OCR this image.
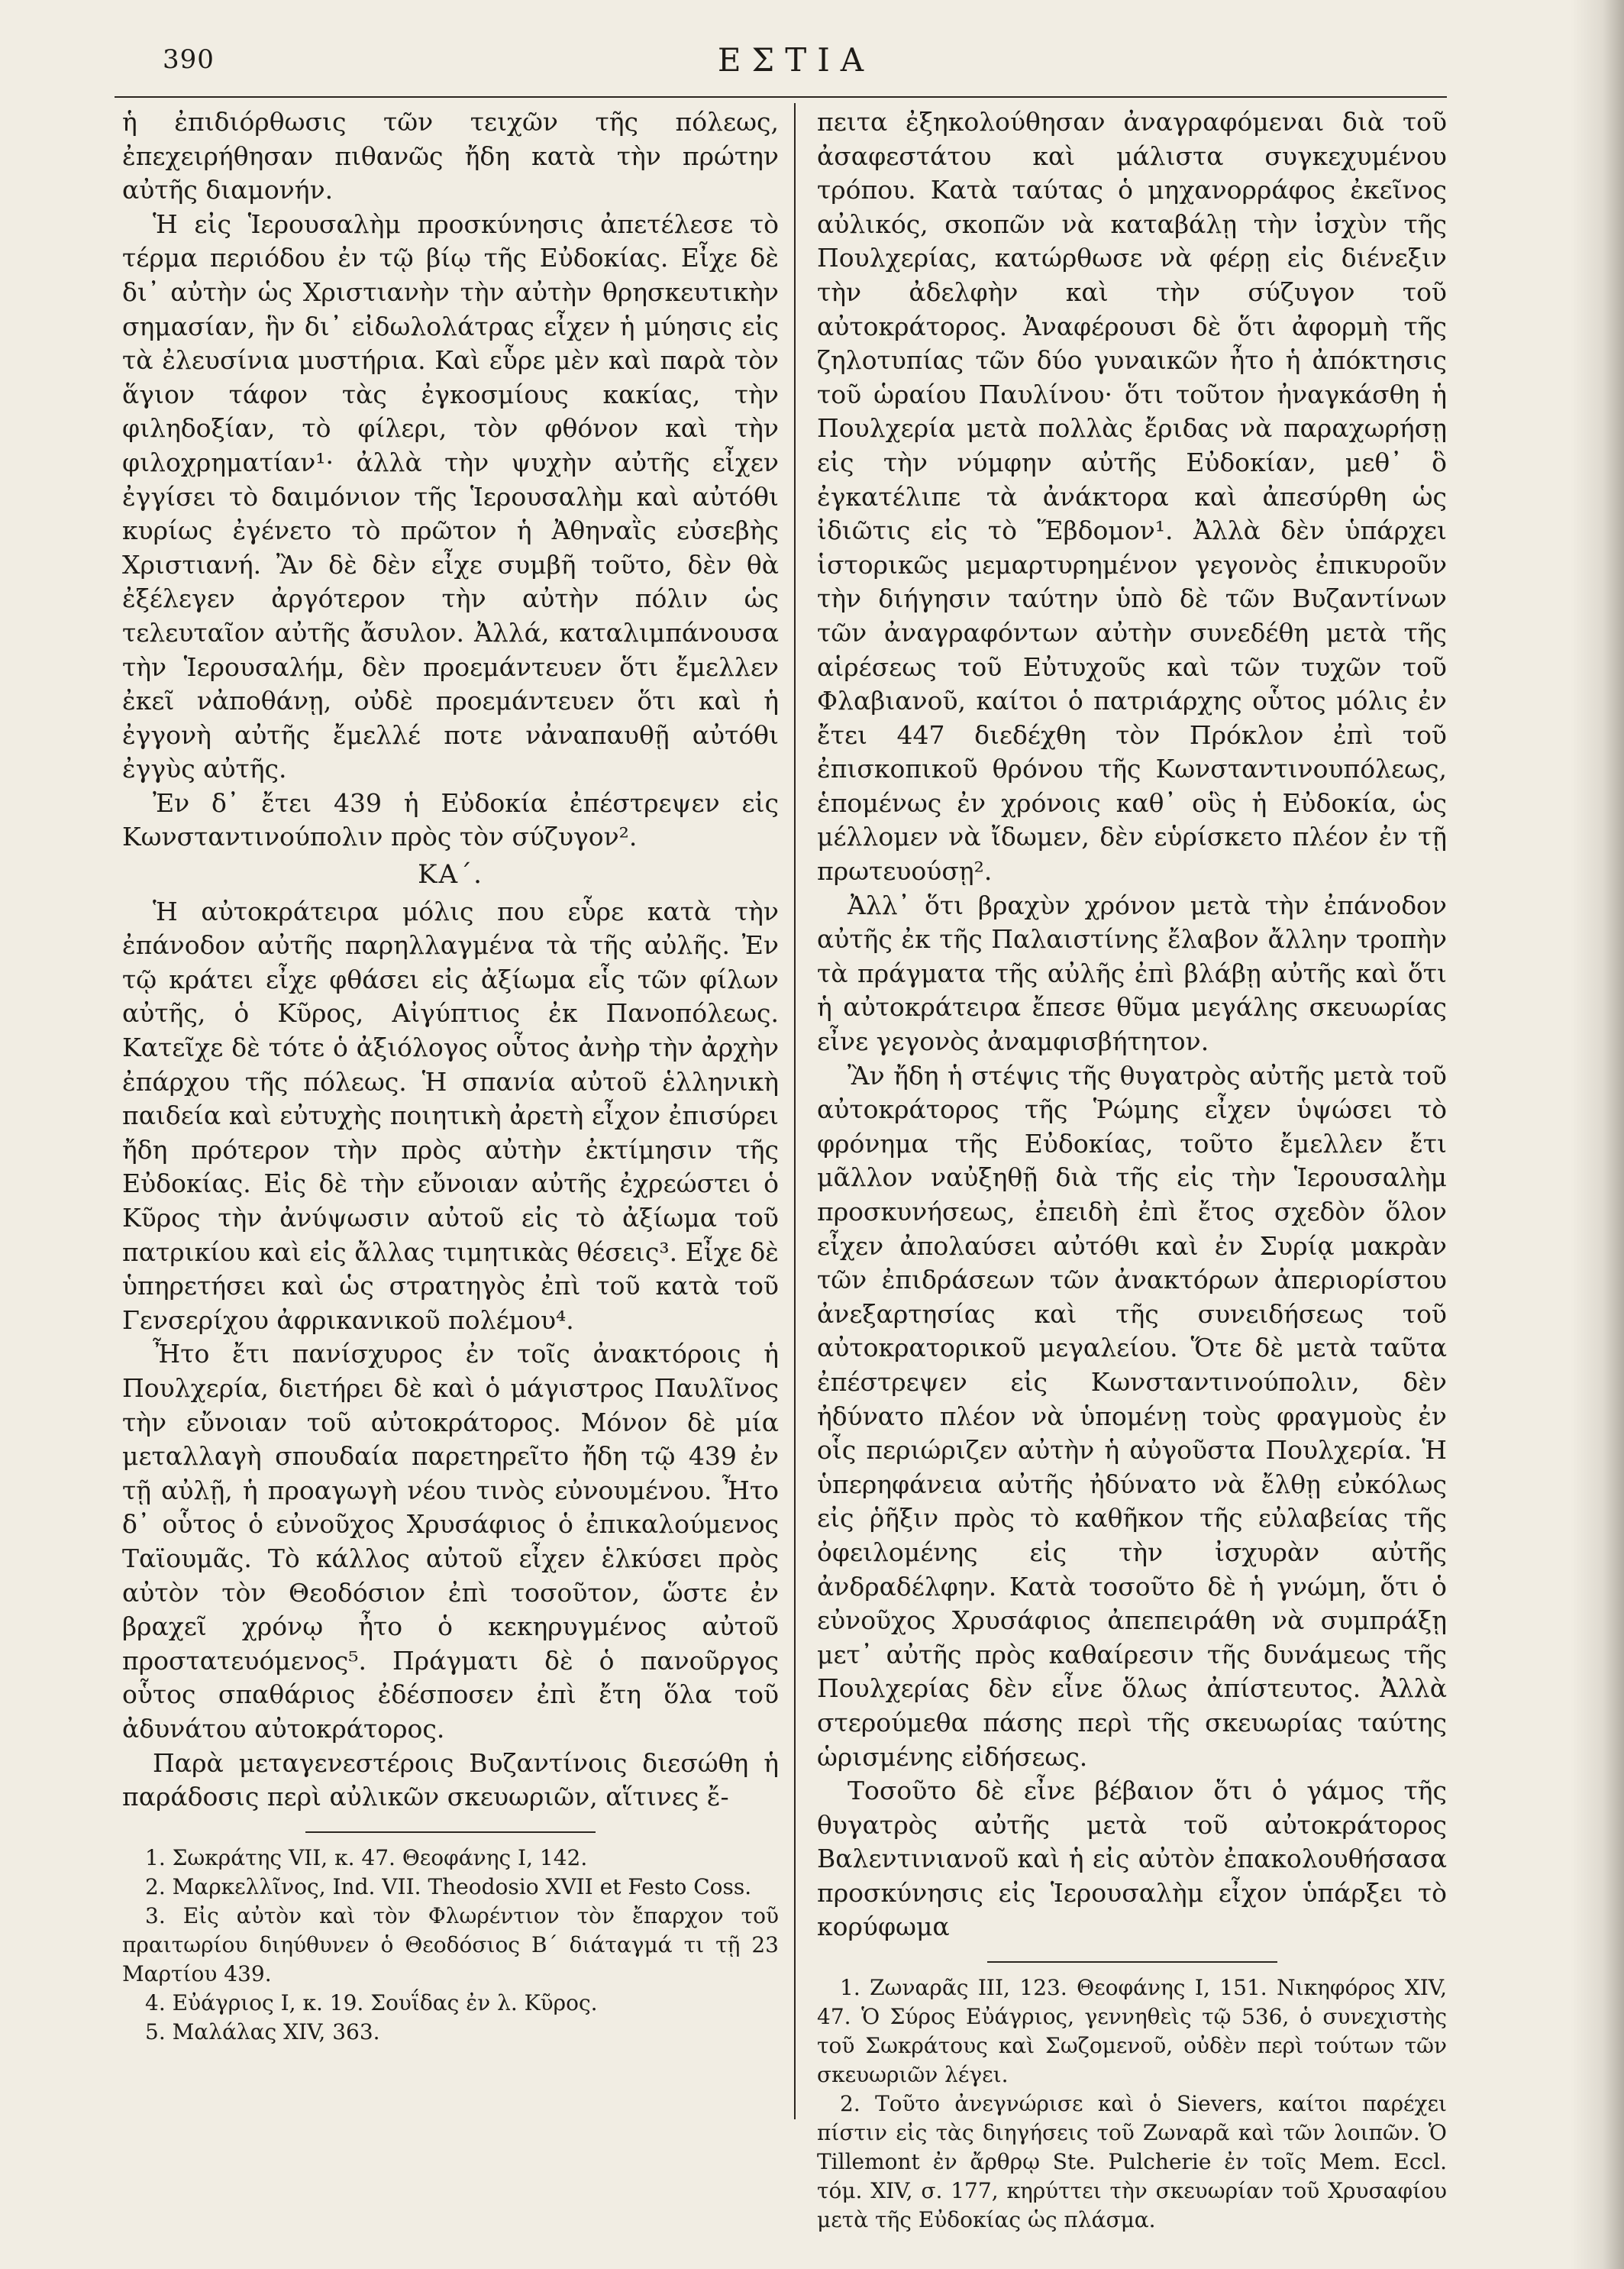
390	ΕΣΤΙΑ

ἡ ἐπιδιόρθωσις τῶν τειχῶν τῆς πόλεως, ἐπεχειρήθησαν πιθανῶς ἤδη κατὰ τὴν πρώτην αὐτῆς διαμονήν.

Ἡ εἰς Ἱερουσαλὴμ προσκύνησις ἀπετέλεσε τὸ τέρμα περιόδου ἐν τῷ βίῳ τῆς Εὐδοκίας. Εἶχε δὲ δι᾽ αὐτὴν ὡς Χριστιανὴν τὴν αὐτὴν θρησκευτικὴν σημασίαν, ἣν δι᾽ εἰδωλολάτρας εἶχεν ἡ μύησις εἰς τὰ ἐλευσίνια μυστήρια. Καὶ εὗρε μὲν καὶ παρὰ τὸν ἅγιον τάφον τὰς ἐγκοσμίους κακίας, τὴν φιληδοξίαν, τὸ φίλερι, τὸν φθόνον καὶ τὴν φιλοχρηματίαν¹· ἀλλὰ τὴν ψυχὴν αὐτῆς εἶχεν ἐγγίσει τὸ δαιμόνιον τῆς Ἱερουσαλὴμ καὶ αὐτόθι κυρίως ἐγένετο τὸ πρῶτον ἡ Ἀθηναῒς εὐσεβὴς Χριστιανή. Ἂν δὲ δὲν εἶχε συμβῆ τοῦτο, δὲν θὰ ἐξέλεγεν ἀργότερον τὴν αὐτὴν πόλιν ὡς τελευταῖον αὐτῆς ἄσυλον. Ἀλλά, καταλιμπάνουσα τὴν Ἱερουσαλήμ, δὲν προεμάντευεν ὅτι ἔμελλεν ἐκεῖ νἀποθάνῃ, οὐδὲ προεμάντευεν ὅτι καὶ ἡ ἐγγονὴ αὐτῆς ἔμελλέ ποτε νἀναπαυθῇ αὐτόθι ἐγγὺς αὐτῆς.

Ἐν δ᾽ ἔτει 439 ἡ Εὐδοκία ἐπέστρεψεν εἰς Κωνσταντινούπολιν πρὸς τὸν σύζυγον².

ΚΑ΄.

Ἡ αὐτοκράτειρα μόλις που εὗρε κατὰ τὴν ἐπάνοδον αὐτῆς παρηλλαγμένα τὰ τῆς αὐλῆς. Ἐν τῷ κράτει εἶχε φθάσει εἰς ἀξίωμα εἷς τῶν φίλων αὐτῆς, ὁ Κῦρος, Αἰγύπτιος ἐκ Πανοπόλεως. Κατεῖχε δὲ τότε ὁ ἀξιόλογος οὗτος ἀνὴρ τὴν ἀρχὴν ἐπάρχου τῆς πόλεως. Ἡ σπανία αὐτοῦ ἑλληνικὴ παιδεία καὶ εὐτυχὴς ποιητικὴ ἀρετὴ εἶχον ἐπισύρει ἤδη πρότερον τὴν πρὸς αὐτὴν ἐκτίμησιν τῆς Εὐδοκίας. Εἰς δὲ τὴν εὔνοιαν αὐτῆς ἐχρεώστει ὁ Κῦρος τὴν ἀνύψωσιν αὐτοῦ εἰς τὸ ἀξίωμα τοῦ πατρικίου καὶ εἰς ἄλλας τιμητικὰς θέσεις³. Εἶχε δὲ ὑπηρετήσει καὶ ὡς στρατηγὸς ἐπὶ τοῦ κατὰ τοῦ Γενσερίχου ἀφρικανικοῦ πολέμου⁴.

Ἦτο ἔτι πανίσχυρος ἐν τοῖς ἀνακτόροις ἡ Πουλχερία, διετήρει δὲ καὶ ὁ μάγιστρος Παυλῖνος τὴν εὔνοιαν τοῦ αὐτοκράτορος. Μόνον δὲ μία μεταλλαγὴ σπουδαία παρετηρεῖτο ἤδη τῷ 439 ἐν τῇ αὐλῇ, ἡ προαγωγὴ νέου τινὸς εὐνουμένου. Ἦτο δ᾽ οὗτος ὁ εὐνοῦχος Χρυσάφιος ὁ ἐπικαλούμενος Ταϊουμᾶς. Τὸ κάλλος αὐτοῦ εἶχεν ἑλκύσει πρὸς αὐτὸν τὸν Θεοδόσιον ἐπὶ τοσοῦτον, ὥστε ἐν βραχεῖ χρόνῳ ἦτο ὁ κεκηρυγμένος αὐτοῦ προστατευόμενος⁵. Πράγματι δὲ ὁ πανοῦργος οὗτος σπαθάριος ἐδέσποσεν ἐπὶ ἔτη ὅλα τοῦ ἀδυνάτου αὐτοκράτορος.

Παρὰ μεταγενεστέροις Βυζαντίνοις διεσώθη ἡ παράδοσις περὶ αὐλικῶν σκευωριῶν, αἵτινες ἔ-

1. Σωκράτης VII, κ. 47. Θεοφάνης I, 142.

2. Μαρκελλῖνος, Ind. VII. Theodosio XVII et Festo Coss.

3. Εἰς αὐτὸν καὶ τὸν Φλωρέντιον τὸν ἔπαρχον τοῦ πραιτωρίου διηύθυνεν ὁ Θεοδόσιος Β΄ διάταγμά τι τῇ 23 Μαρτίου 439.

4. Εὐάγριος I, κ. 19. Σουΐδας ἐν λ. Κῦρος.

5. Μαλάλας XIV, 363.

πειτα ἐξηκολούθησαν ἀναγραφόμεναι διὰ τοῦ ἀσαφεστάτου καὶ μάλιστα συγκεχυμένου τρόπου. Κατὰ ταύτας ὁ μηχανορράφος ἐκεῖνος αὐλικός, σκοπῶν νὰ καταβάλῃ τὴν ἰσχὺν τῆς Πουλχερίας, κατώρθωσε νὰ φέρῃ εἰς διένεξιν τὴν ἀδελφὴν καὶ τὴν σύζυγον τοῦ αὐτοκράτορος. Ἀναφέρουσι δὲ ὅτι ἀφορμὴ τῆς ζηλοτυπίας τῶν δύο γυναικῶν ἦτο ἡ ἀπόκτησις τοῦ ὡραίου Παυλίνου· ὅτι τοῦτον ἠναγκάσθη ἡ Πουλχερία μετὰ πολλὰς ἔριδας νὰ παραχωρήσῃ εἰς τὴν νύμφην αὐτῆς Εὐδοκίαν, μεθ᾽ ὃ ἐγκατέλιπε τὰ ἀνάκτορα καὶ ἀπεσύρθη ὡς ἰδιῶτις εἰς τὸ Ἕβδομον¹. Ἀλλὰ δὲν ὑπάρχει ἱστορικῶς μεμαρτυρημένον γεγονὸς ἐπικυροῦν τὴν διήγησιν ταύτην ὑπὸ δὲ τῶν Βυζαντίνων τῶν ἀναγραφόντων αὐτὴν συνεδέθη μετὰ τῆς αἱρέσεως τοῦ Εὐτυχοῦς καὶ τῶν τυχῶν τοῦ Φλαβιανοῦ, καίτοι ὁ πατριάρχης οὗτος μόλις ἐν ἔτει 447 διεδέχθη τὸν Πρόκλον ἐπὶ τοῦ ἐπισκοπικοῦ θρόνου τῆς Κωνσταντινουπόλεως, ἑπομένως ἐν χρόνοις καθ᾽ οὓς ἡ Εὐδοκία, ὡς μέλλομεν νὰ ἴδωμεν, δὲν εὑρίσκετο πλέον ἐν τῇ πρωτευούσῃ².

Ἀλλ᾽ ὅτι βραχὺν χρόνον μετὰ τὴν ἐπάνοδον αὐτῆς ἐκ τῆς Παλαιστίνης ἔλαβον ἄλλην τροπὴν τὰ πράγματα τῆς αὐλῆς ἐπὶ βλάβῃ αὐτῆς καὶ ὅτι ἡ αὐτοκράτειρα ἔπεσε θῦμα μεγάλης σκευωρίας εἶνε γεγονὸς ἀναμφισβήτητον.

Ἂν ἤδη ἡ στέψις τῆς θυγατρὸς αὐτῆς μετὰ τοῦ αὐτοκράτορος τῆς Ῥώμης εἶχεν ὑψώσει τὸ φρόνημα τῆς Εὐδοκίας, τοῦτο ἔμελλεν ἔτι μᾶλλον ναὐξηθῇ διὰ τῆς εἰς τὴν Ἱερουσαλὴμ προσκυνήσεως, ἐπειδὴ ἐπὶ ἔτος σχεδὸν ὅλον εἶχεν ἀπολαύσει αὐτόθι καὶ ἐν Συρίᾳ μακρὰν τῶν ἐπιδράσεων τῶν ἀνακτόρων ἀπεριορίστου ἀνεξαρτησίας καὶ τῆς συνειδήσεως τοῦ αὐτοκρατορικοῦ μεγαλείου. Ὅτε δὲ μετὰ ταῦτα ἐπέστρεψεν εἰς Κωνσταντινούπολιν, δὲν ἠδύνατο πλέον νὰ ὑπομένῃ τοὺς φραγμοὺς ἐν οἷς περιώριζεν αὐτὴν ἡ αὐγοῦστα Πουλχερία. Ἡ ὑπερηφάνεια αὐτῆς ἠδύνατο νὰ ἔλθῃ εὐκόλως εἰς ῥῆξιν πρὸς τὸ καθῆκον τῆς εὐλαβείας τῆς ὀφειλομένης εἰς τὴν ἰσχυρὰν αὐτῆς ἀνδραδέλφην. Κατὰ τοσοῦτο δὲ ἡ γνώμη, ὅτι ὁ εὐνοῦχος Χρυσάφιος ἀπεπειράθη νὰ συμπράξῃ μετ᾽ αὐτῆς πρὸς καθαίρεσιν τῆς δυνάμεως τῆς Πουλχερίας δὲν εἶνε ὅλως ἀπίστευτος. Ἀλλὰ στερούμεθα πάσης περὶ τῆς σκευωρίας ταύτης ὡρισμένης εἰδήσεως.

Τοσοῦτο δὲ εἶνε βέβαιον ὅτι ὁ γάμος τῆς θυγατρὸς αὐτῆς μετὰ τοῦ αὐτοκράτορος Βαλεντινιανοῦ καὶ ἡ εἰς αὐτὸν ἐπακολουθήσασα προσκύνησις εἰς Ἱερουσαλὴμ εἶχον ὑπάρξει τὸ κορύφωμα

1. Ζωναρᾶς III, 123. Θεοφάνης I, 151. Νικηφόρος XIV, 47. Ὁ Σύρος Εὐάγριος, γεννηθεὶς τῷ 536, ὁ συνεχιστὴς τοῦ Σωκράτους καὶ Σωζομενοῦ, οὐδὲν περὶ τούτων τῶν σκευωριῶν λέγει.

2. Τοῦτο ἀνεγνώρισε καὶ ὁ Sievers, καίτοι παρέχει πίστιν εἰς τὰς διηγήσεις τοῦ Ζωναρᾶ καὶ τῶν λοιπῶν. Ὁ Tillemont ἐν ἄρθρῳ Ste. Pulcherie ἐν τοῖς Mem. Eccl. τόμ. XIV, σ. 177, κηρύττει τὴν σκευωρίαν τοῦ Χρυσαφίου μετὰ τῆς Εὐδοκίας ὡς πλάσμα.
